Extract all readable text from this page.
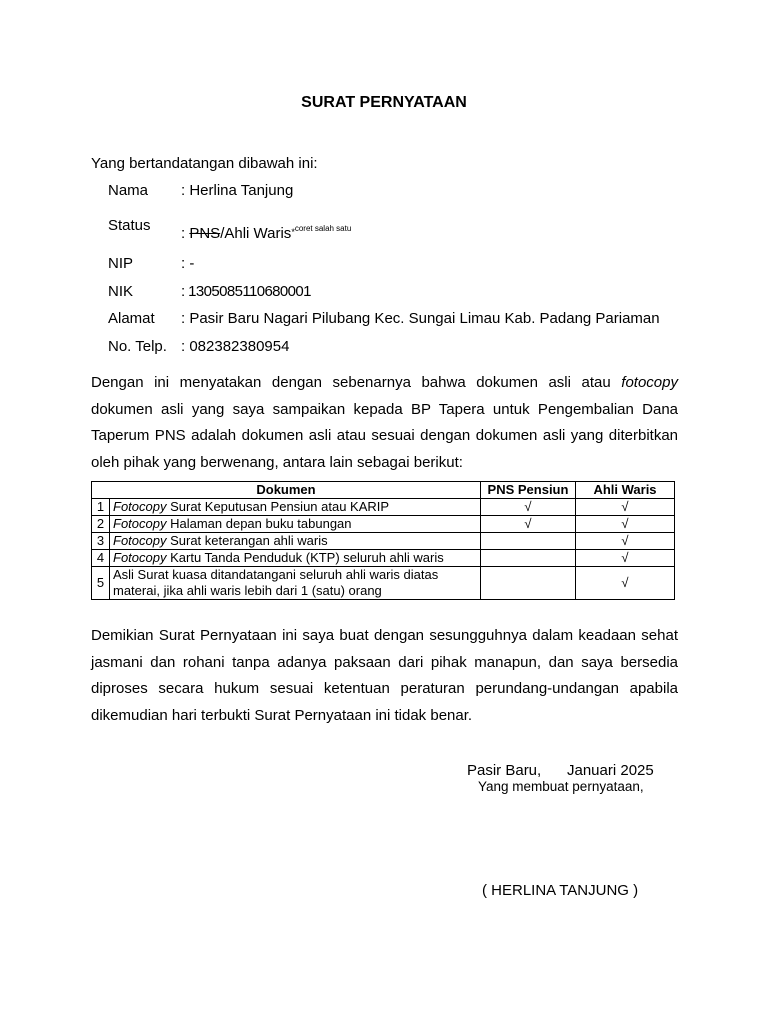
SURAT PERNYATAAN
Yang bertandatangan dibawah ini:
Nama : Herlina Tanjung
Status : PNS/Ahli Waris$^{*coret salah satu}$
NIP	: -
NIK	: 1305085110680001
Alamat : Pasir Baru Nagari Pilubang Kec. Sungai Limau Kab. Padang Pariaman
No. Telp. : 082382380954
Dengan ini menyatakan dengan sebenarnya bahwa dokumen asli atau fotocopy dokumen asli yang saya sampaikan kepada BP Tapera untuk Pengembalian Dana Taperum PNS adalah dokumen asli atau sesuai dengan dokumen asli yang diterbitkan oleh pihak yang berwenang, antara lain sebagai berikut:
Dokumen		PNS Pensiun	Ahli Waris
1	Fotocopy Surat Keputusan Pensiun atau KARIP	√	√
2	Fotocopy Halaman depan buku tabungan	√	√
3	Fotocopy Surat keterangan ahli waris		√
4	Fotocopy Kartu Tanda Penduduk (KTP) seluruh ahli waris		√
5	Asli Surat kuasa ditandatangani seluruh ahli waris diatas materai, jika ahli waris lebih dari 1 (satu) orang		√
Demikian Surat Pernyataan ini saya buat dengan sesungguhnya dalam keadaan sehat jasmani dan rohani tanpa adanya paksaan dari pihak manapun, dan saya bersedia diproses secara hukum sesuai ketentuan peraturan perundang-undangan apabila dikemudian hari terbukti Surat Pernyataan ini tidak benar.
Pasir Baru, Januari 2025
Yang membuat pernyataan,
( HERLINA TANJUNG )
